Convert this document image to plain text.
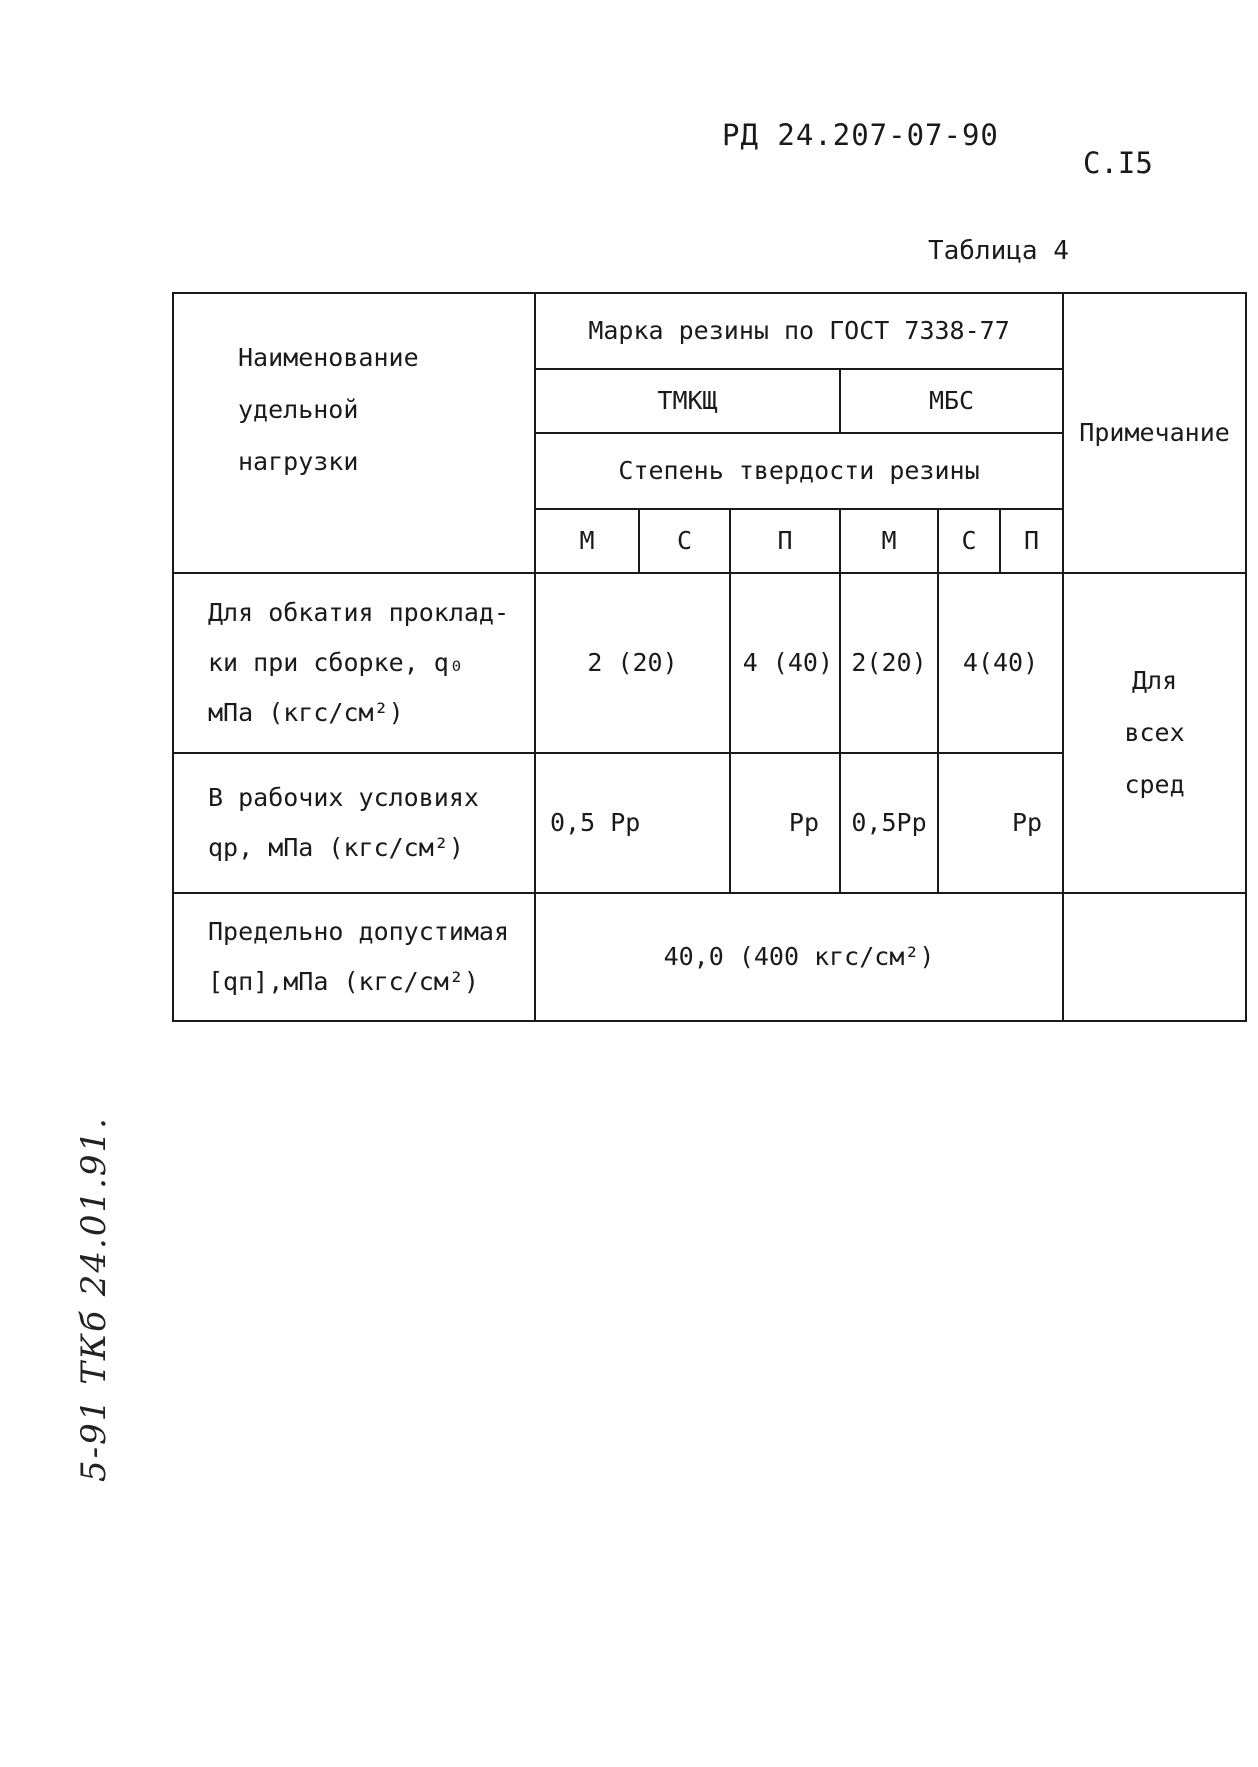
РД 24.207-07-90
С.I5
Таблица 4
Наименование
удельной
нагрузки	Марка резины по ГОСТ 7338-77						Примечание
	ТМКЩ			МБС			
	Степень твердости резины						
	М	С	П	М	С	П	

Для обкатия проклад-
ки при сборке, q₀
мПа (кгс/см²)	2 (20)		4 (40)	2(20)	4(40)		Для
всех
сред

В рабочих условиях
qр, мПа (кгс/см²)	0,5 Pр		Pр	0,5Pр	Pр		

Предельно допустимая
[qп],мПа (кгс/см²)	40,0 (400 кгс/см²)						
5-91 ТКб 24.01.91.
